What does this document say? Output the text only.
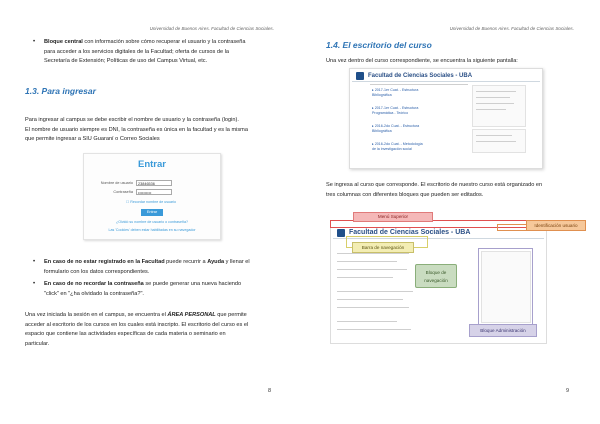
Universidad de Buenos Aires. Facultad de Ciencias Sociales.
• Bloque central con información sobre cómo recuperar el usuario y la contraseña
para acceder a los servicios digitales de la Facultad; oferta de cursos de la
Secretaría de Extensión; Políticas de uso del Campus Virtual, etc.
1.3. Para ingresar
Para ingresar al campus se debe escribir el nombre de usuario y la contraseña (login).
El nombre de usuario siempre es DNI, la contraseña es única en la facultad y es la misma
que permite ingresar a SIU Guaraní o Correo Sociales
Entrar
Nombre de usuario	23846536
Contraseña	••••••••••
☐ Recordar nombre de usuario
Entrar
¿Olvidó su nombre de usuario o contraseña?
Las 'Cookies' deben estar habilitadas en su navegador
• En caso de no estar registrado en la Facultad puede recurrir a Ayuda y llenar el
formulario con los datos correspondientes.
• En caso de no recordar la contraseña se puede generar una nueva haciendo
"click" en "¿ha olvidado la contraseña?".
Una vez iniciada la sesión en el campus, se encuentra el ÁREA PERSONAL que permite
acceder al escritorio de los cursos en los cuales está inscripto. El escritorio del curso es el
espacio que contiene las actividades específicas de cada materia o seminario en
particular.
8
Universidad de Buenos Aires. Facultad de Ciencias Sociales.
1.4. El escritorio del curso
Una vez dentro del curso correspondiente, se encuentra la siguiente pantalla:
Facultad de Ciencias Sociales - UBA
▸ 2017-1er Cuat. - Estructura
Bibliográfica
▸ 2017-1er Cuat. - Estructura
Programática - Teórico
▸ 2016-2do Cuat. - Estructura
Bibliográfica
▸ 2016-2do Cuat. - Metodología
de la investigación social
Se ingresa al curso que corresponde. El escritorio de nuestro curso está organizado en
tres columnas con diferentes bloques que pueden ser editados.
Facultad de Ciencias Sociales - UBA
Menú Superior
Identificación usuario
Barra de navegación
Bloque de
navegación
Bloque Administración
9
